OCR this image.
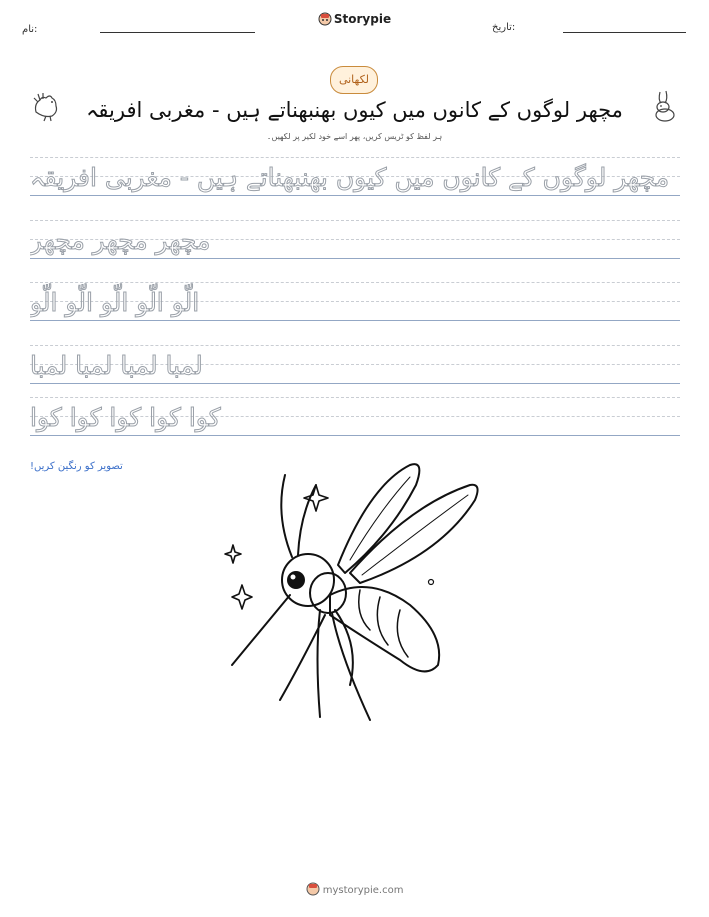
نام:
Storypie
تاریخ:
لکھانی
مچھر لوگوں کے کانوں میں کیوں بھنبھناتے ہیں - مغربی افریقہ
ہر لفظ کو ٹریس کریں، پھر اسے خود لکیر پر لکھیں۔
مچھر لوگوں کے کانوں میں کیوں بھنبھناتے ہیں - مغربی افریقہ
مچھر مچھر مچھر
الّو الّو الّو الّو الّو
لمبا لمبا لمبا لمبا
کوا کوا کوا کوا کوا
تصویر کو رنگین کریں!
mystorypie.com
